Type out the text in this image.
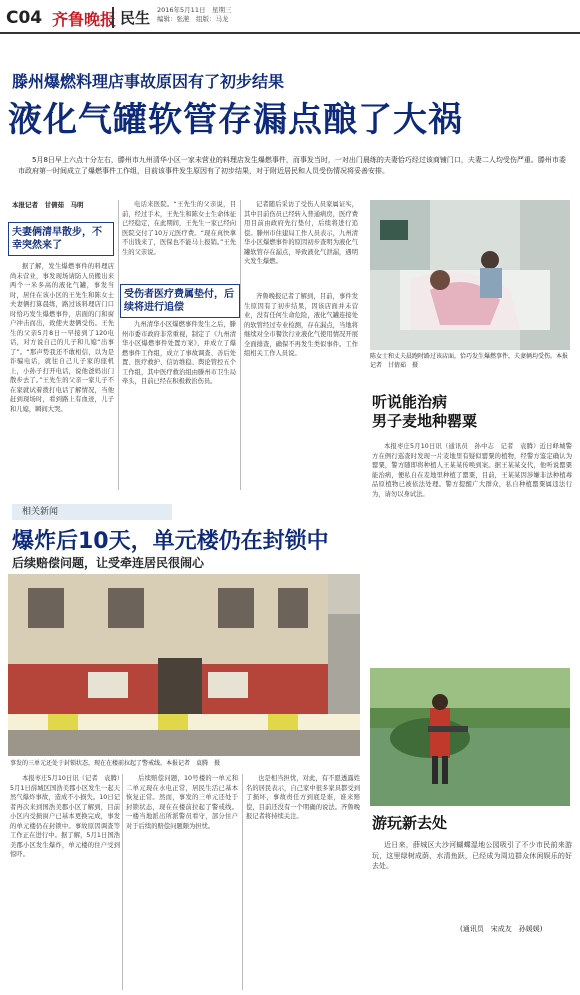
C04 齐鲁晚报 民生 2016年5月11日　星期三
编辑：张滟　组版：马龙
滕州爆燃料理店事故原因有了初步结果
液化气罐软管存漏点酿了大祸
5月8日早上六点十分左右，滕州市九州清华小区一家未营业的料理店发生爆燃事件，而事发当时，一对出门晨练的夫妻恰巧经过该商铺门口，夫妻二人均受伤严重。滕州市委市政府第一时间成立了爆燃事件工作组，目前该事件发生原因有了初步结果，对于附近居民和人员受伤情况将妥善安排。
本报记者　甘倩茹　马明
夫妻俩清早散步，不幸突然来了
据了解，发生爆燃事件的料理店尚未营业，事发现场请防人员搬出来两个一米多高的液化气罐，事发当时，居住在该小区的王先生和陈女士夫妻俩打算晨练，路过该料理店门口时恰巧发生爆燃事件，店面的门和窗户冲击而出，致使夫妻俩受伤。王先生的父亲5月8日一早接到了120电话，对方说自己的儿子和儿媳“出事了”。“那声势我还不敢相信，以为是诈骗电话，就往自己儿子家的座机上，小孙子打开电话，说他爸妈出门散步去了。”王先生的父亲一家儿子不在家就试着拨打电话了解情况，当他赶到现场时，看到路上有血迹，儿子和儿媳，瞬间大哭。
电话来医院。“王先生的父亲说，目前，经过手术，王先生和陈女士生命体征已经稳定，在此期间，王先生一家已经向医院交付了10万元医疗费。“现在真快拿不出钱来了，医保也不能马上报销。”王先生的父亲说。
受伤者医疗费属垫付，后续将进行追偿
九州清华小区爆燃事件发生之后，滕州市委市政府非常重视，制定了《九州清华小区爆燃事件处置方案》，并成立了爆燃事件工作组，成立了事故调查、善后处置、医疗救护、信访维稳、舆论管控五个工作组，其中医疗救治组由滕州市卫生局牵头，目前已经在积极救治伤员。
记者随后采访了受伤人员家属证实，其中目前伤员已经转入普通病房，医疗费用目前由政府先行垫付，后续将进行追偿。滕州市住建局工作人员表示，九州清华小区爆燃事件的原因初步查明为液化气罐软管存在漏点，导致液化气泄漏，遇明火发生爆燃。
齐鲁晚报记者了解到，目前，事件发生原因有了初步结果，因该店面并未营业，没有任何生命危险，液化气罐连接处的软管经过专业检测，存在漏点，当地将继续对全市餐饮行业液化气使用情况开展全面排查，确保不再发生类似事件。工作组相关工作人员说。	陈女士和丈夫晨跑时路过该店面，恰巧发生爆燃事件，夫妻俩均受伤。本报记者　甘倩茹　摄
听说能治病
男子麦地种罂粟
本报枣庄5月10日讯（通讯员　孙中志　记者　袁腾）近日峄城警方在例行巡查时发现一片麦地里有疑似罂粟的植物，经警方鉴定确认为罂粟，警方随即将种植人王某某传唤到案。据王某某交代，他听说罂粟能治病，便私自在麦地里种植了罂粟，目前，王某某因涉嫌非法种植毒品原植物已被依法处理。警方提醒广大群众，私自种植罂粟属违法行为，请勿以身试法。
相关新闻
爆炸后10天，单元楼仍在封锁中
后续赔偿问题，让受牵连居民很闹心
事发的三单元还处于封锁状态，现在在楼前拉起了警戒线。本报记者　袁腾　摄
本报枣庄5月10日讯（记者　袁腾）5月1日薛城区国浩美郡小区发生一起天然气爆炸事故，造成不小损失。10日记者再次来到国浩美郡小区了解到，目前小区内受损窗户已基本更换完成，事发的单元楼仍在封锁中。事故原因调查等工作正在进行中。据了解，5月1日国浩美郡小区发生爆炸，单元楼的住户受到惊吓。
后续赔偿问题，10号楼的一单元和二单元现在水电正常，居民生活已基本恢复正常。然而，事发的三单元还处于封锁状态，现在在楼前拉起了警戒线。一楼当地派出所派警员看守，部分住户对于后续的赔偿问题颇为担忧。
也是相当担忧，对此，有不愿透露姓名的居民表示，自己家中很多家具都受到了损坏，事故责任方到底是谁，谁来赔偿，目前还没有一个明确的说法。齐鲁晚报记者将持续关注。	游玩新去处
近日来，薛城区大沙河蝴蝶湿地公园吸引了不少市民前来游玩，这里绿树成荫，水清鱼跃，已经成为周边群众休闲娱乐的好去处。
(通讯员　宋成友　孙媛媛)
